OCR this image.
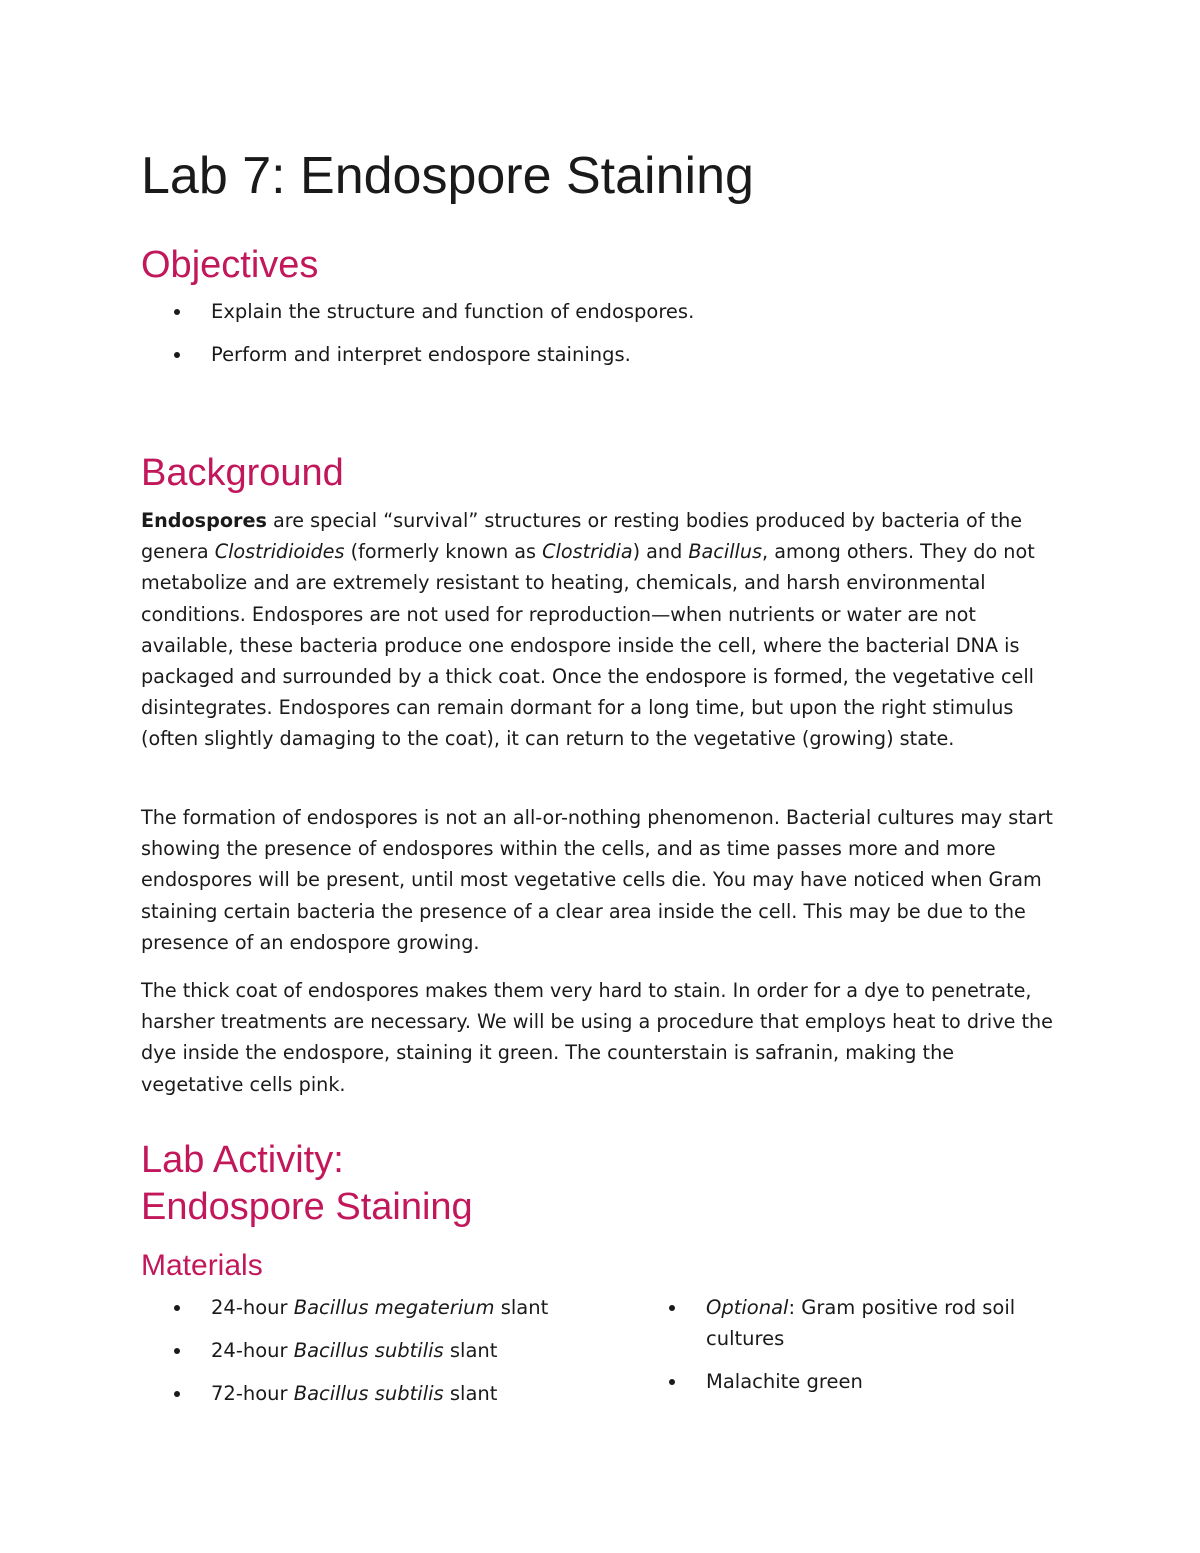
Lab 7: Endospore Staining
Objectives
Explain the structure and function of endospores.
Perform and interpret endospore stainings.
Background

Endospores are special “survival” structures or resting bodies produced by bacteria of the genera Clostridioides (formerly known as Clostridia) and Bacillus, among others. They do not metabolize and are extremely resistant to heating, chemicals, and harsh environmental conditions. Endospores are not used for reproduction—when nutrients or water are not available, these bacteria produce one endospore inside the cell, where the bacterial DNA is packaged and surrounded by a thick coat. Once the endospore is formed, the vegetative cell disintegrates. Endospores can remain dormant for a long time, but upon the right stimulus (often slightly damaging to the coat), it can return to the vegetative (growing) state.

The formation of endospores is not an all-or-nothing phenomenon. Bacterial cultures may start showing the presence of endospores within the cells, and as time passes more and more endospores will be present, until most vegetative cells die. You may have noticed when Gram staining certain bacteria the presence of a clear area inside the cell. This may be due to the presence of an endospore growing.

The thick coat of endospores makes them very hard to stain. In order for a dye to penetrate, harsher treatments are necessary. We will be using a procedure that employs heat to drive the dye inside the endospore, staining it green. The counterstain is safranin, making the vegetative cells pink.

Lab Activity:
Endospore Staining
Materials
24-hour Bacillus megaterium slant
24-hour Bacillus subtilis slant
72-hour Bacillus subtilis slant
Optional: Gram positive rod soil cultures
Malachite green
